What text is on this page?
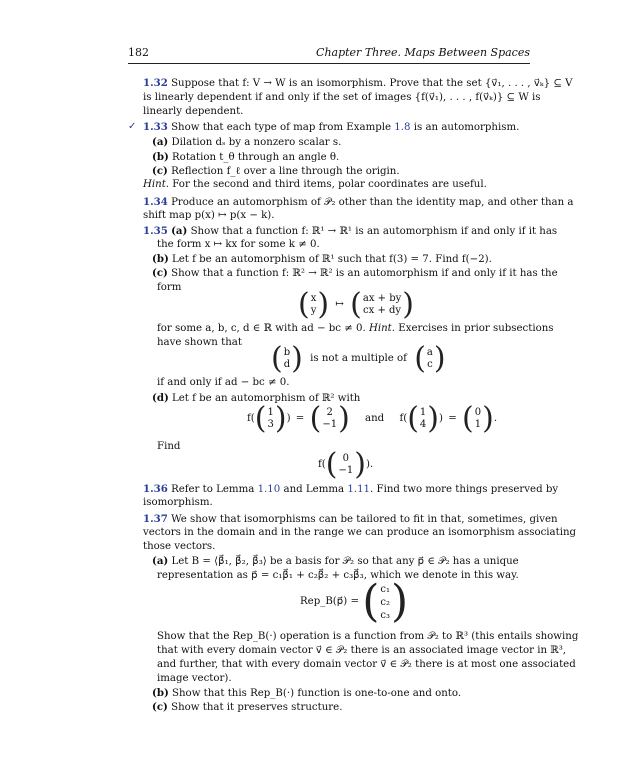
182	Chapter Three. Maps Between Spaces
1.32 Suppose that f: V → W is an isomorphism. Prove that the set {v⃗₁, . . . , v⃗ₖ} ⊆ V
is linearly dependent if and only if the set of images {f(v⃗₁), . . . , f(v⃗ₖ)} ⊆ W is
linearly dependent.
✓ 1.33 Show that each type of map from Example 1.8 is an automorphism.
(a) Dilation dₛ by a nonzero scalar s.
(b) Rotation t_θ through an angle θ.
(c) Reflection f_ℓ over a line through the origin.
Hint. For the second and third items, polar coordinates are useful.
1.34 Produce an automorphism of 𝒫₂ other than the identity map, and other than a
shift map p(x) ↦ p(x − k).
1.35 (a) Show that a function f: ℝ¹ → ℝ¹ is an automorphism if and only if it has
the form x ↦ kx for some k ≠ 0.
(b) Let f be an automorphism of ℝ¹ such that f(3) = 7. Find f(−2).
(c) Show that a function f: ℝ² → ℝ² is an automorphism if and only if it has the
form	( x
y ) ↦ ( ax + by
cx + dy )
for some a, b, c, d ∈ ℝ with ad − bc ≠ 0. Hint. Exercises in prior subsections
have shown that ( b
d ) is not a multiple of ( a
c )
if and only if ad − bc ≠ 0.
(d) Let f be an automorphism of ℝ² with
f( ( 1
3 ) ) = ( 2
−1 ) and f( ( 1
4 ) ) = ( 0
1 ) .
Find
f( ( 0
−1 ) ).
1.36 Refer to Lemma 1.10 and Lemma 1.11. Find two more things preserved by
isomorphism.
1.37 We show that isomorphisms can be tailored to fit in that, sometimes, given
vectors in the domain and in the range we can produce an isomorphism associating
those vectors.
(a) Let B = ⟨β⃗₁, β⃗₂, β⃗₃⟩ be a basis for 𝒫₂ so that any p⃗ ∈ 𝒫₂ has a unique
representation as p⃗ = c₁β⃗₁ + c₂β⃗₂ + c₃β⃗₃, which we denote in this way.
Rep_B(p⃗) = ( c₁
c₂
c₃ )
Show that the Rep_B(·) operation is a function from 𝒫₂ to ℝ³ (this entails showing
that with every domain vector v⃗ ∈ 𝒫₂ there is an associated image vector in ℝ³,
and further, that with every domain vector v⃗ ∈ 𝒫₂ there is at most one associated
image vector).
(b) Show that this Rep_B(·) function is one-to-one and onto.
(c) Show that it preserves structure.
